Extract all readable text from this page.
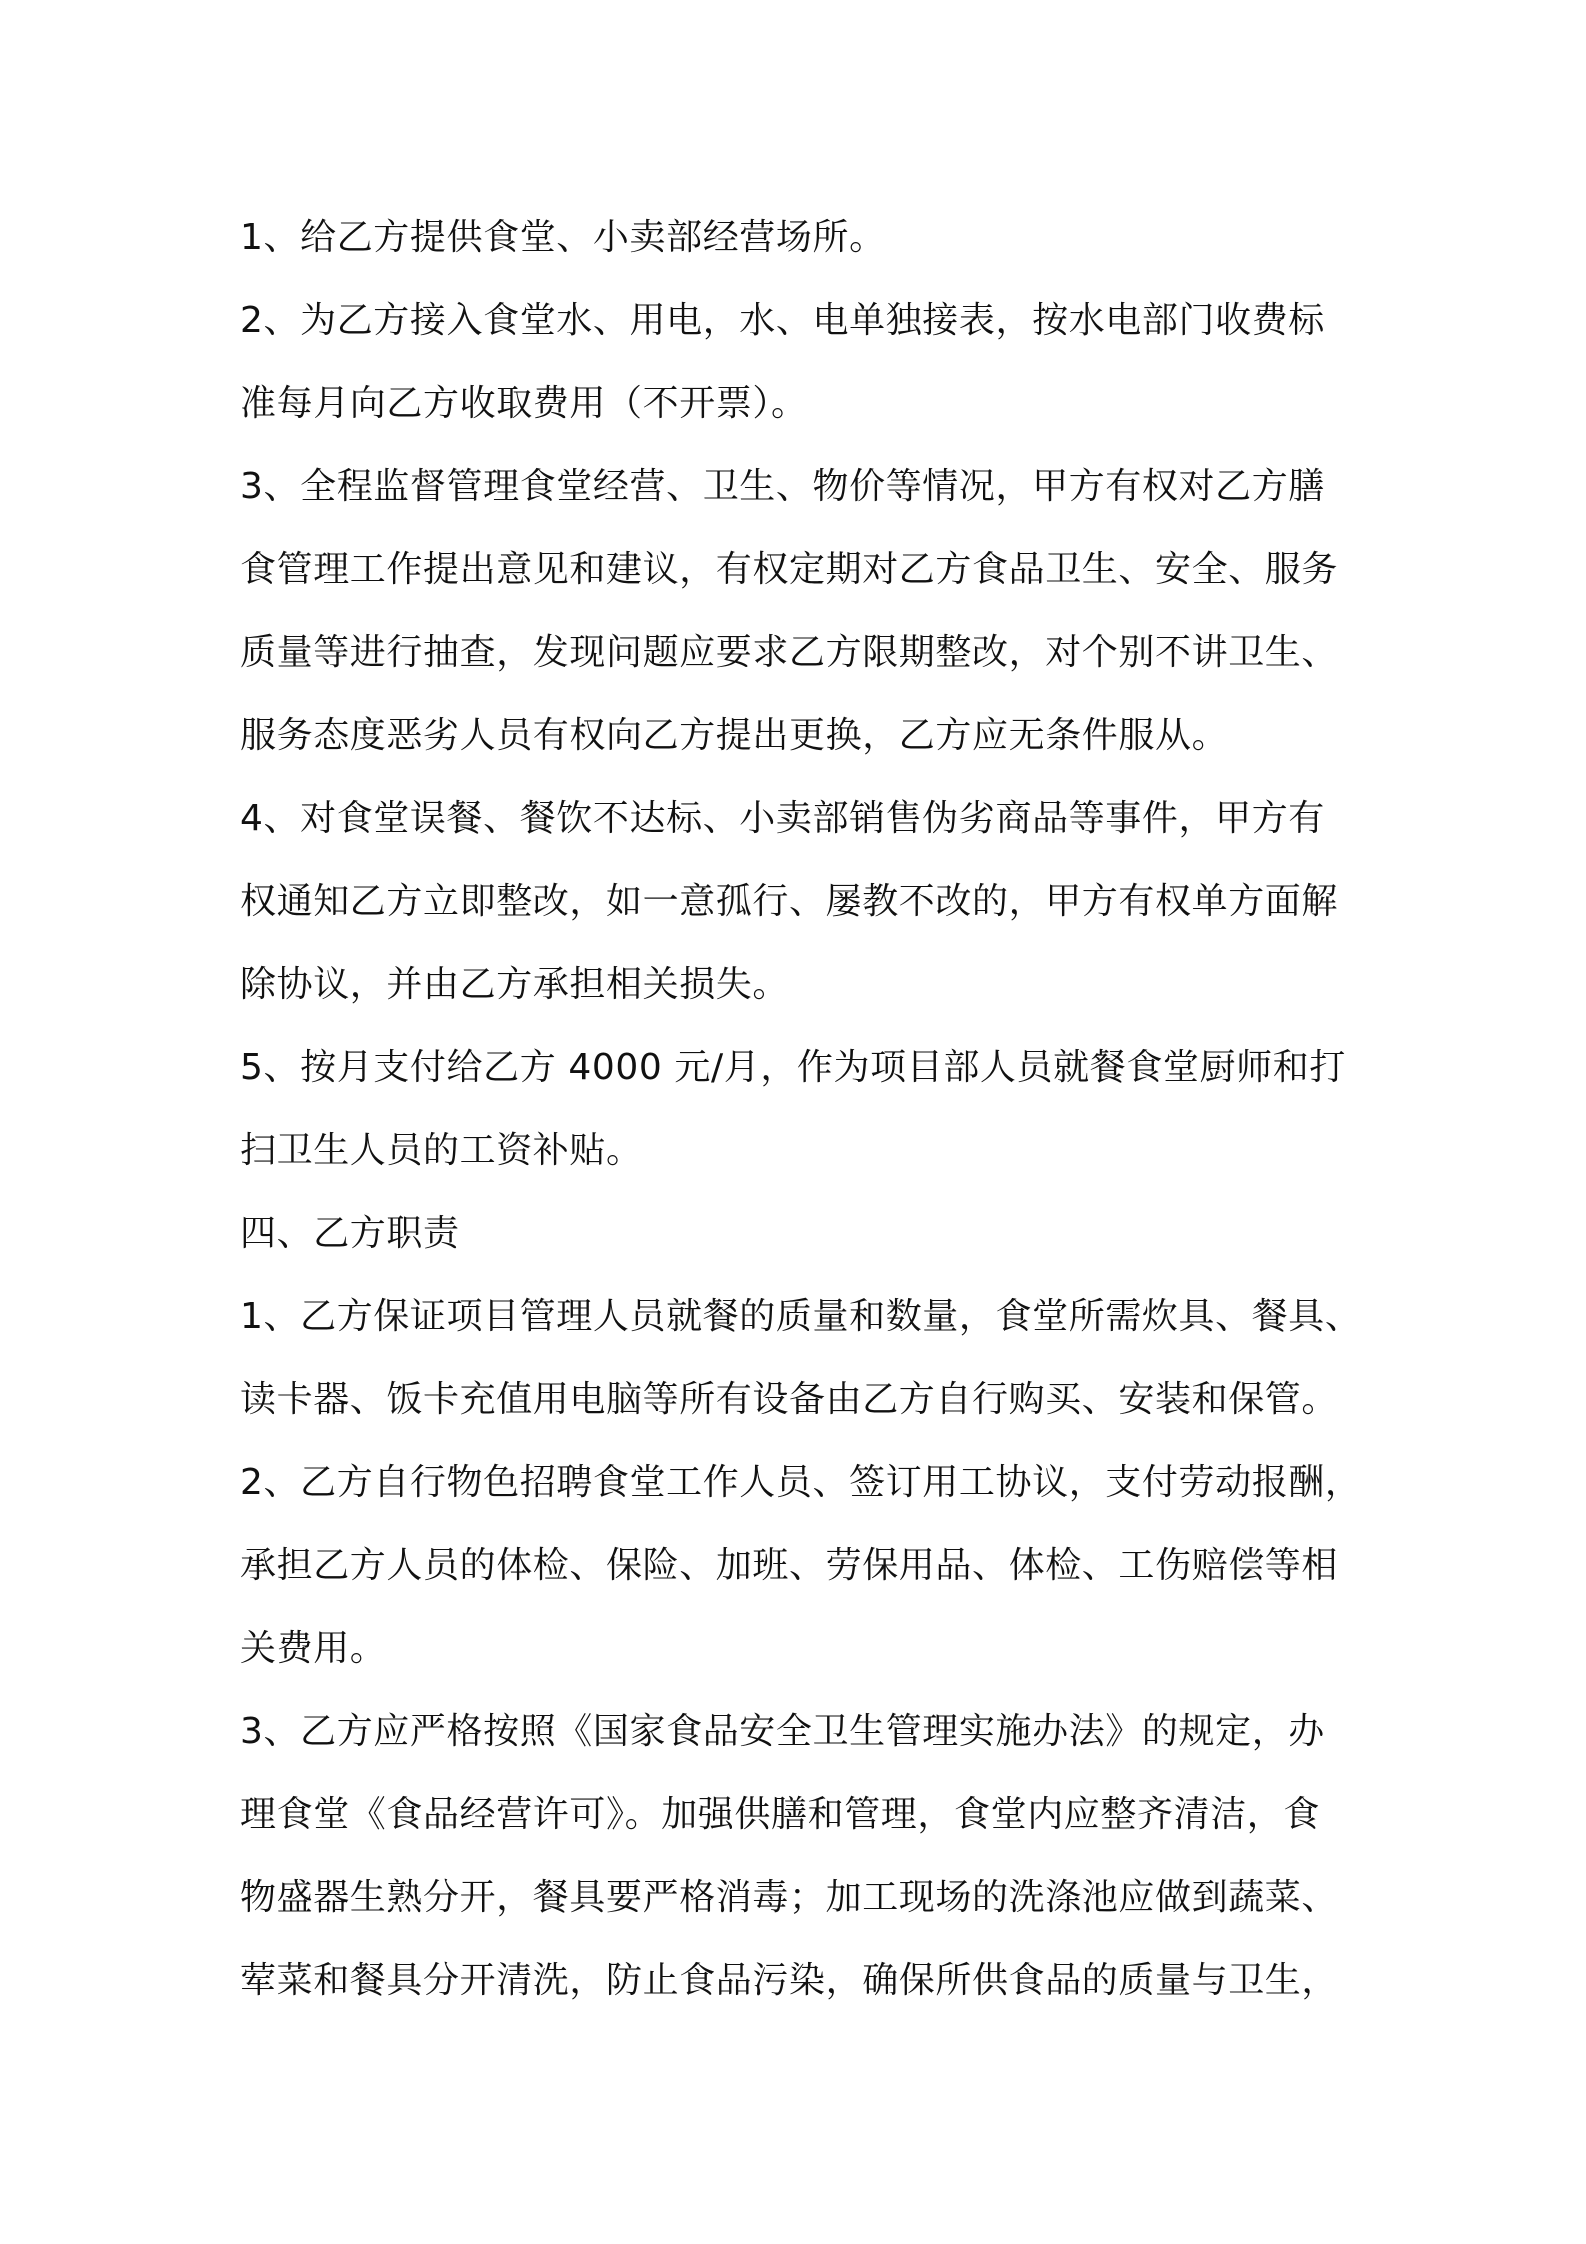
1、给乙方提供食堂、小卖部经营场所。
2、为乙方接入食堂水、用电，水、电单独接表，按水电部门收费标
准每月向乙方收取费用（不开票）。
3、全程监督管理食堂经营、卫生、物价等情况，甲方有权对乙方膳
食管理工作提出意见和建议，有权定期对乙方食品卫生、安全、服务
质量等进行抽查，发现问题应要求乙方限期整改，对个别不讲卫生、
服务态度恶劣人员有权向乙方提出更换，乙方应无条件服从。
4、对食堂误餐、餐饮不达标、小卖部销售伪劣商品等事件，甲方有
权通知乙方立即整改，如一意孤行、屡教不改的，甲方有权单方面解
除协议，并由乙方承担相关损失。
5、按月支付给乙方 4000 元/月，作为项目部人员就餐食堂厨师和打
扫卫生人员的工资补贴。
四、乙方职责
1、乙方保证项目管理人员就餐的质量和数量，食堂所需炊具、餐具、
读卡器、饭卡充值用电脑等所有设备由乙方自行购买、安装和保管。
2、乙方自行物色招聘食堂工作人员、签订用工协议，支付劳动报酬，
承担乙方人员的体检、保险、加班、劳保用品、体检、工伤赔偿等相
关费用。
3、乙方应严格按照《国家食品安全卫生管理实施办法》的规定，办
理食堂《食品经营许可》。加强供膳和管理，食堂内应整齐清洁，食
物盛器生熟分开，餐具要严格消毒；加工现场的洗涤池应做到蔬菜、
荤菜和餐具分开清洗，防止食品污染，确保所供食品的质量与卫生，
